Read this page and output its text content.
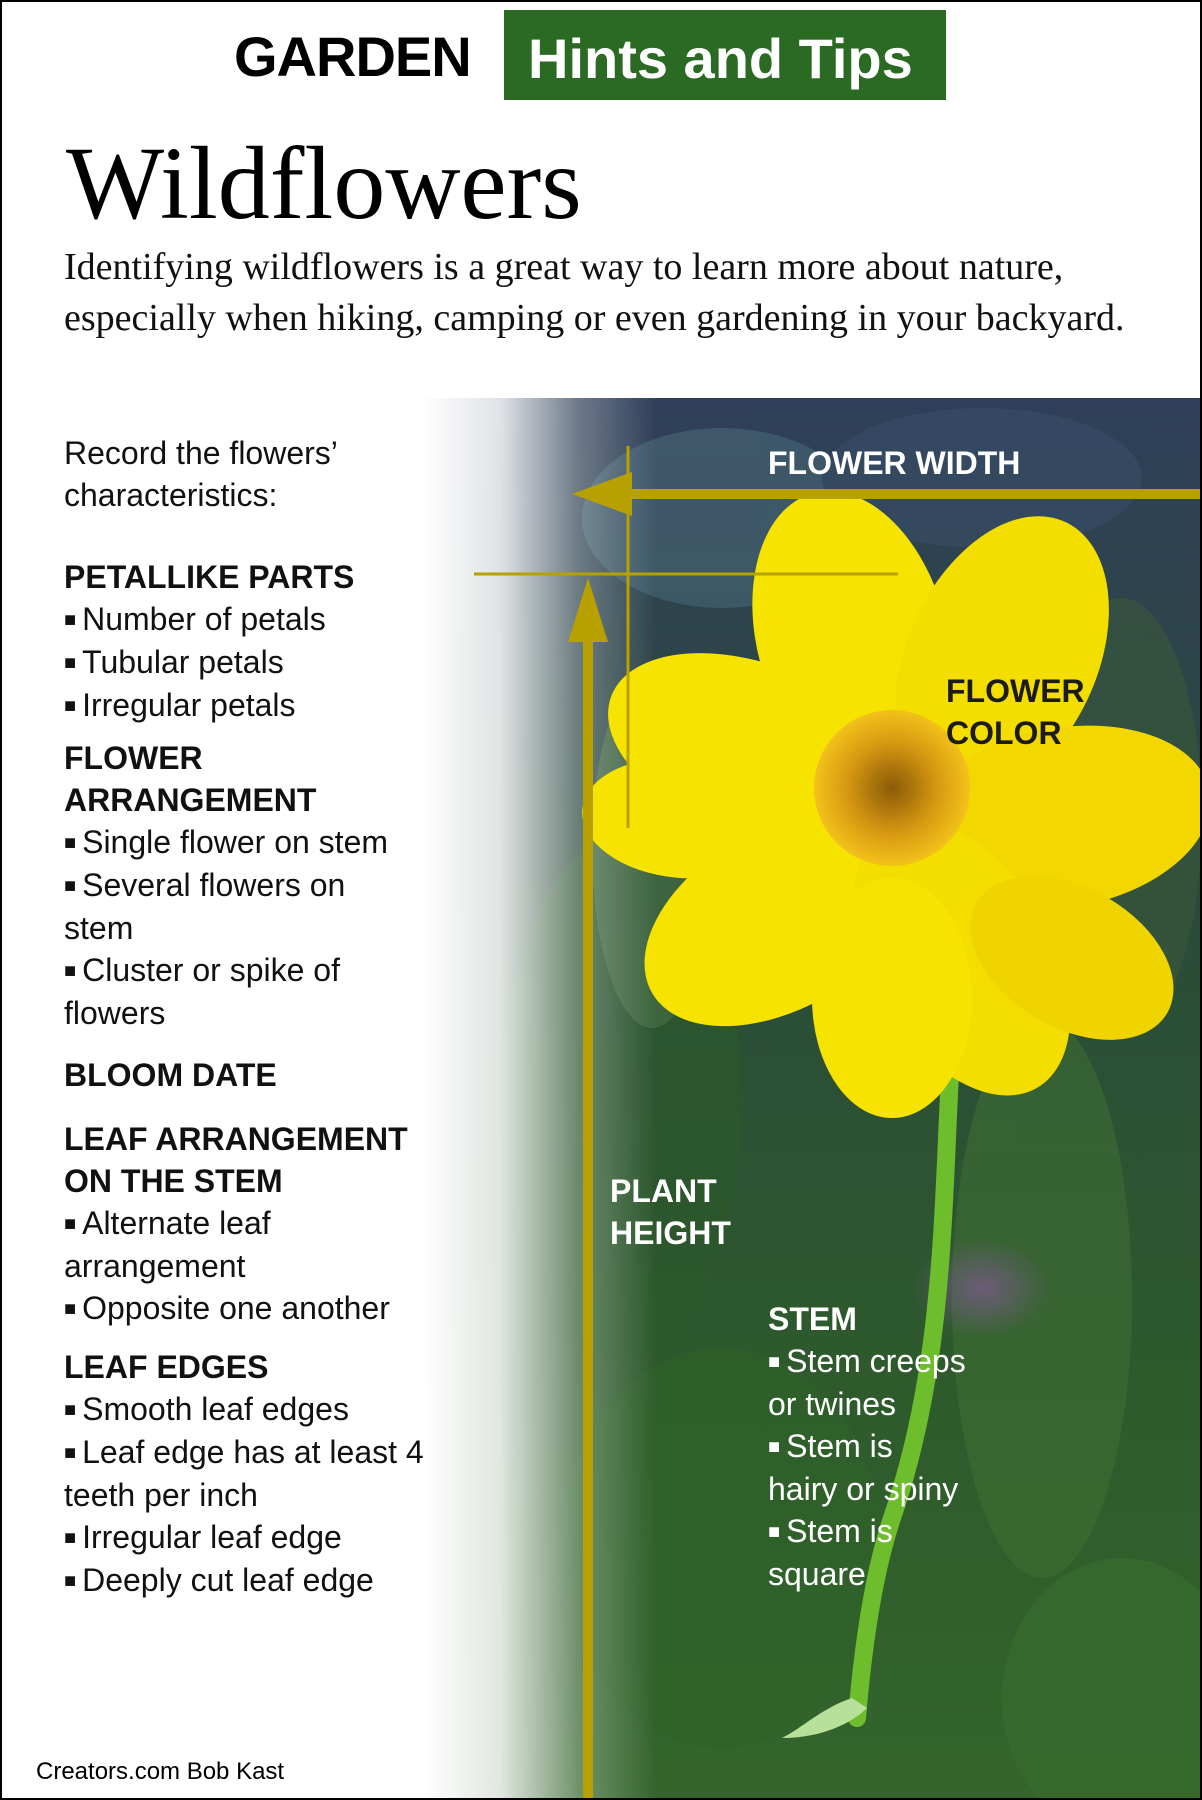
GARDEN Hints and Tips
Wildflowers
Identifying wildflowers is a great way to learn more about nature, especially when hiking, camping or even gardening in your backyard.

Record the flowers’ characteristics:

PETALLIKE PARTS

■ Number of petals

■ Tubular petals

■ Irregular petals

FLOWER

ARRANGEMENT

■ Single flower on stem

■ Several flowers on stem

■ Cluster or spike of flowers

BLOOM DATE

LEAF ARRANGEMENT

ON THE STEM

■ Alternate leaf arrangement

■ Opposite one another

LEAF EDGES

■ Smooth leaf edges

■ Leaf edge has at least 4 teeth per inch

■ Irregular leaf edge

■ Deeply cut leaf edge

FLOWER WIDTH
FLOWER
COLOR
PLANT
HEIGHT

STEM

■ Stem creeps or twines

■ Stem is hairy or spiny

■ Stem is square

Creators.com Bob Kast
